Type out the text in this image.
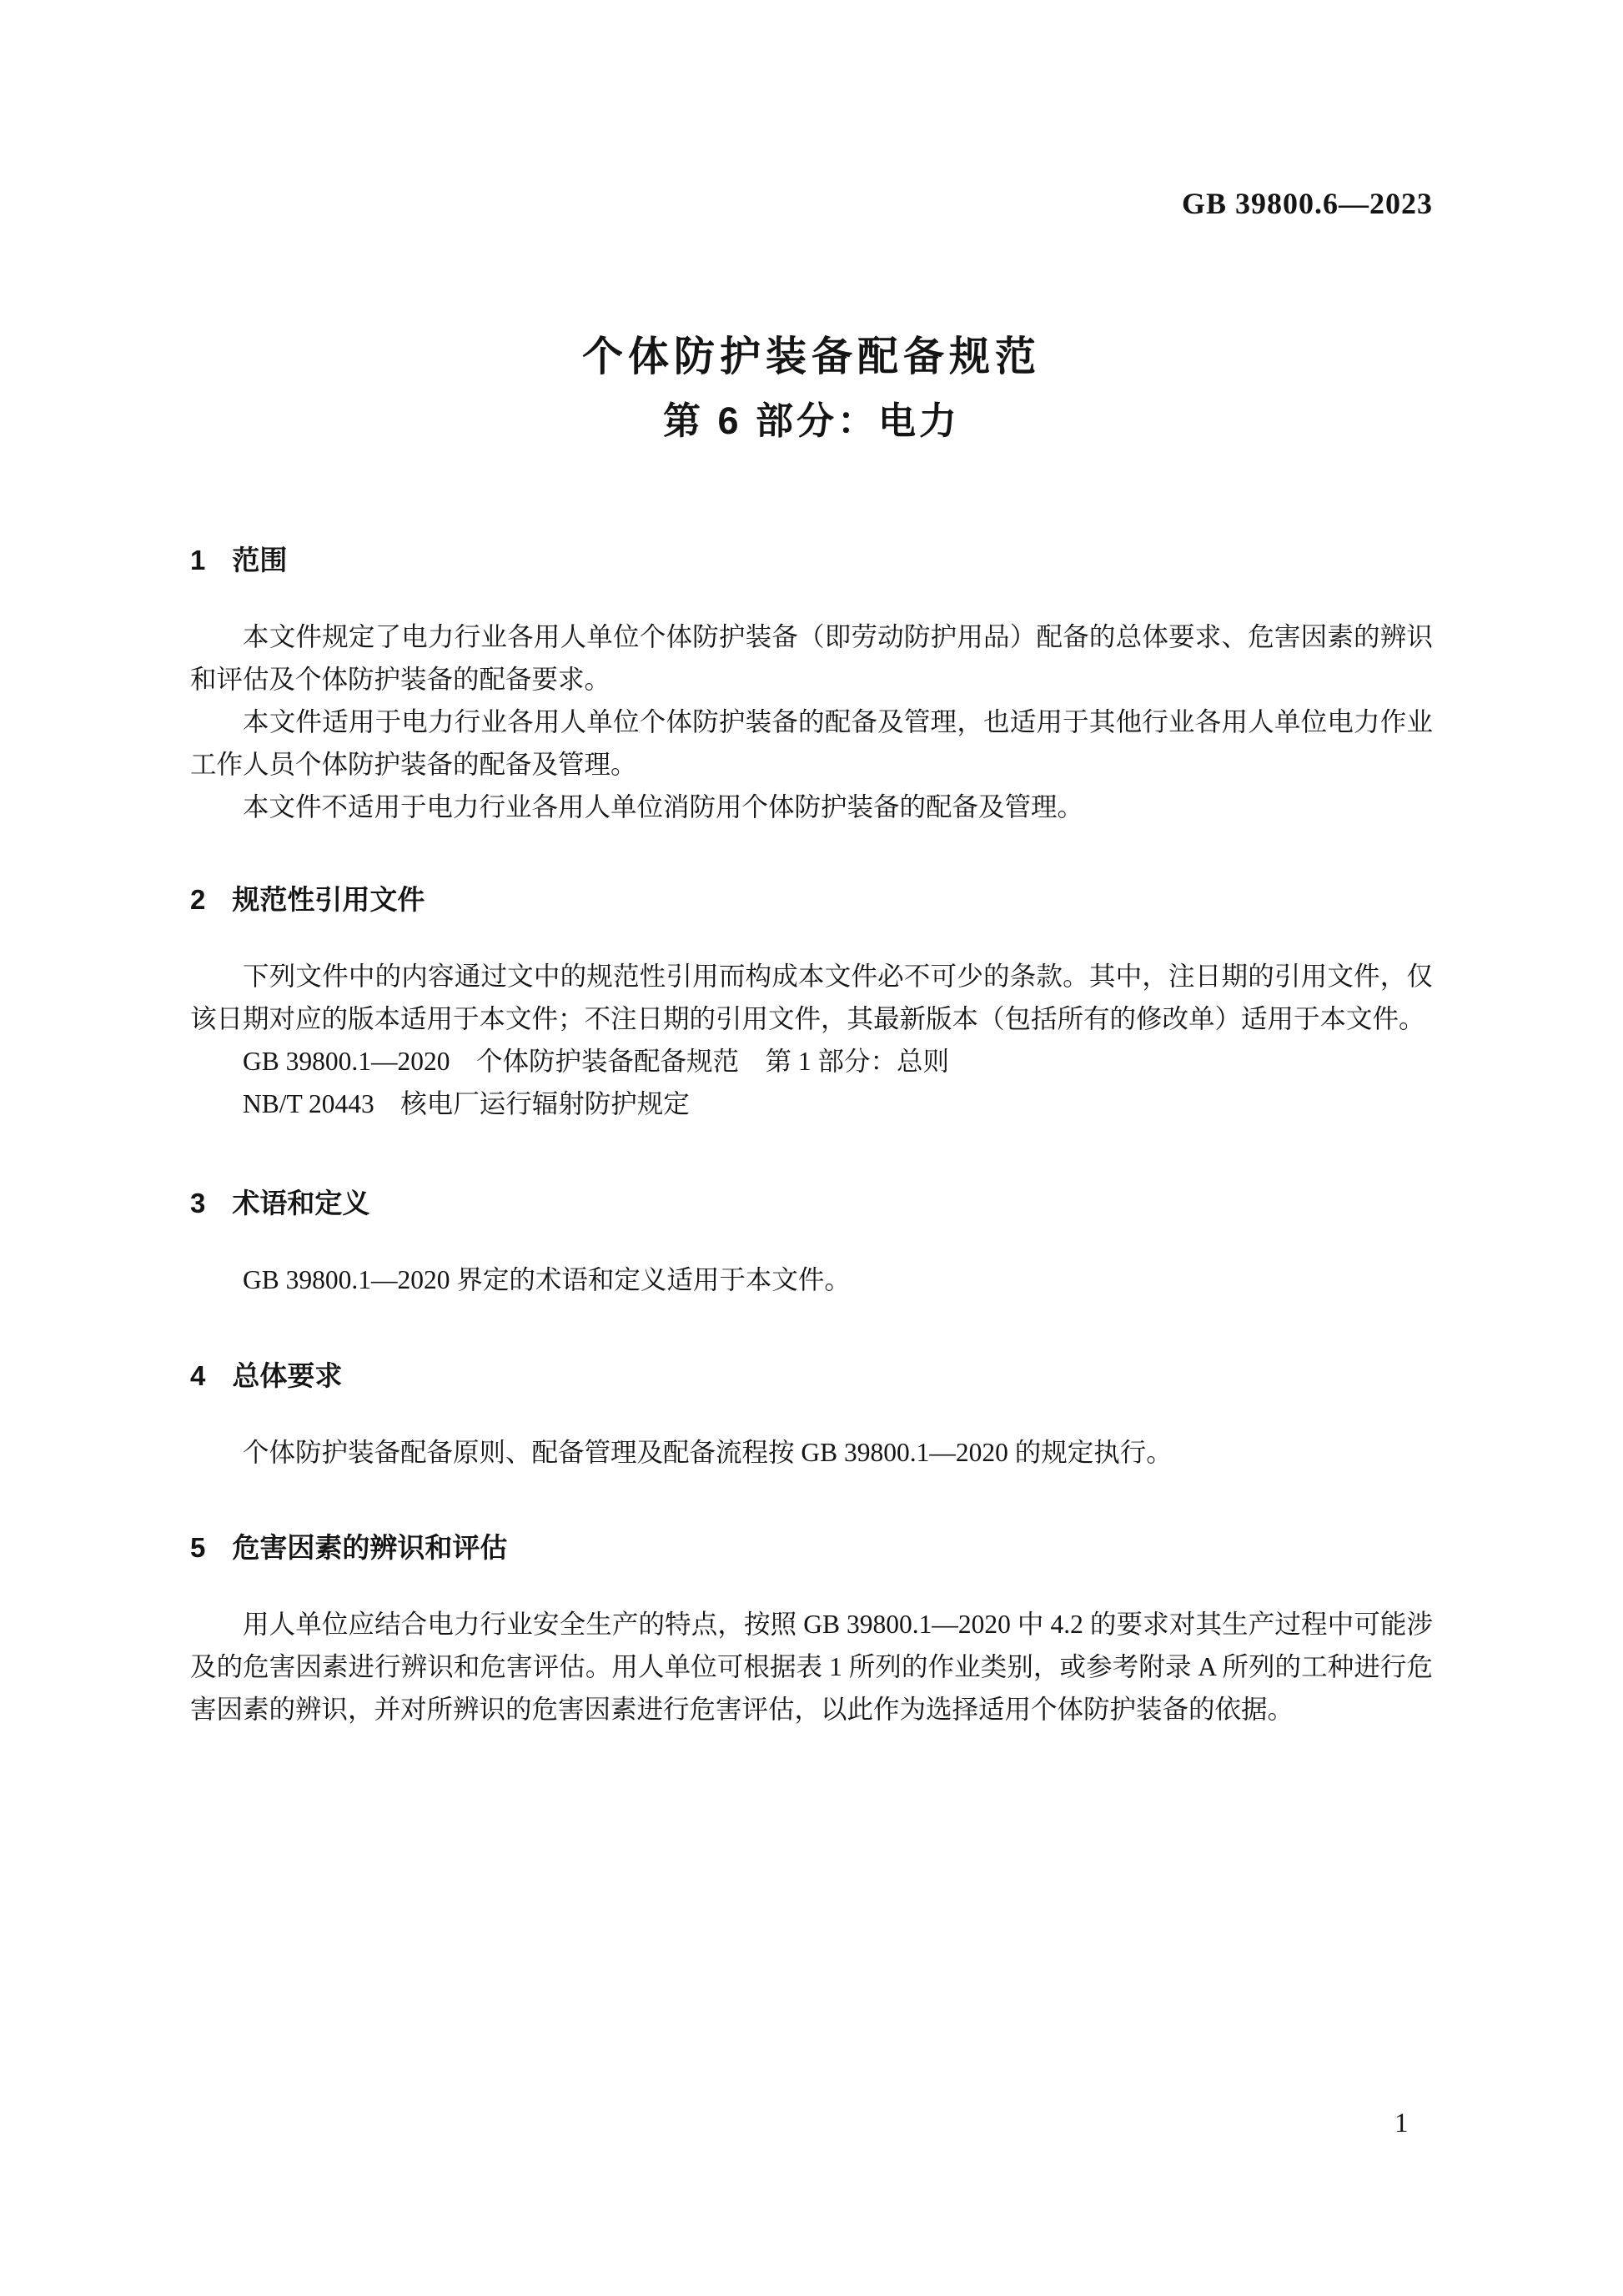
GB 39800.6—2023
个体防护装备配备规范
第 6 部分：电力
1 范围

本文件规定了电力行业各用人单位个体防护装备（即劳动防护用品）配备的总体要求、危害因素的辨识和评估及个体防护装备的配备要求。

本文件适用于电力行业各用人单位个体防护装备的配备及管理，也适用于其他行业各用人单位电力作业工作人员个体防护装备的配备及管理。

本文件不适用于电力行业各用人单位消防用个体防护装备的配备及管理。

2 规范性引用文件

下列文件中的内容通过文中的规范性引用而构成本文件必不可少的条款。其中，注日期的引用文件，仅该日期对应的版本适用于本文件；不注日期的引用文件，其最新版本（包括所有的修改单）适用于本文件。

GB 39800.1—2020　个体防护装备配备规范　第 1 部分：总则

NB/T 20443　核电厂运行辐射防护规定

3 术语和定义

GB 39800.1—2020 界定的术语和定义适用于本文件。

4 总体要求

个体防护装备配备原则、配备管理及配备流程按 GB 39800.1—2020 的规定执行。

5 危害因素的辨识和评估

用人单位应结合电力行业安全生产的特点，按照 GB 39800.1—2020 中 4.2 的要求对其生产过程中可能涉及的危害因素进行辨识和危害评估。用人单位可根据表 1 所列的作业类别，或参考附录 A 所列的工种进行危害因素的辨识，并对所辨识的危害因素进行危害评估，以此作为选择适用个体防护装备的依据。

1
